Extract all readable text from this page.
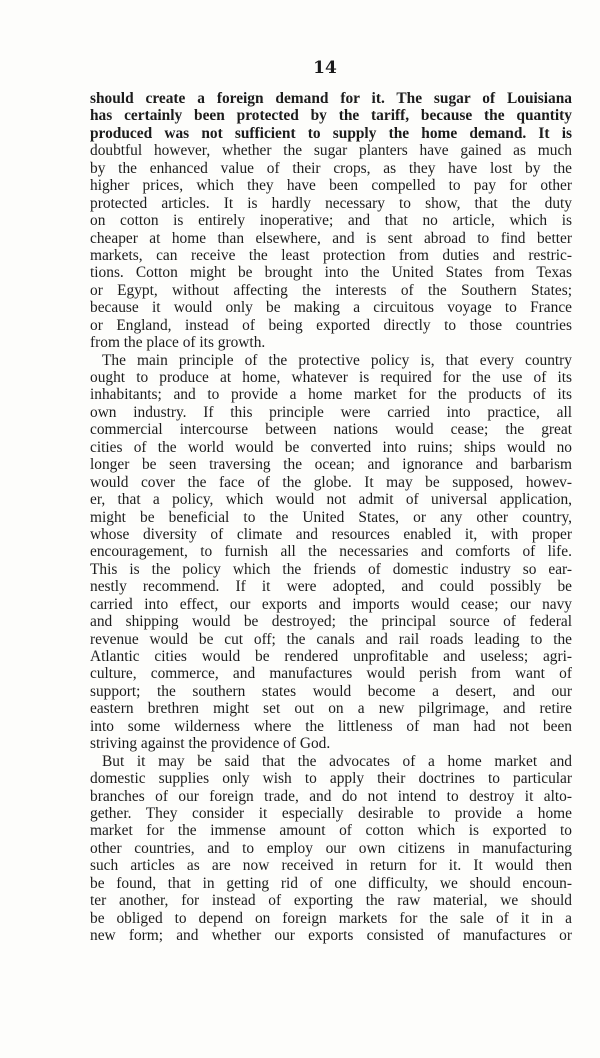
14
should create a foreign demand for it. The sugar of Louisiana
has certainly been protected by the tariff, because the quantity
produced was not sufficient to supply the home demand. It is
doubtful however, whether the sugar planters have gained as much
by the enhanced value of their crops, as they have lost by the
higher prices, which they have been compelled to pay for other
protected articles. It is hardly necessary to show, that the duty
on cotton is entirely inoperative; and that no article, which is
cheaper at home than elsewhere, and is sent abroad to find better
markets, can receive the least protection from duties and restric-
tions. Cotton might be brought into the United States from Texas
or Egypt, without affecting the interests of the Southern States;
because it would only be making a circuitous voyage to France
or England, instead of being exported directly to those countries
from the place of its growth.
The main principle of the protective policy is, that every country
ought to produce at home, whatever is required for the use of its
inhabitants; and to provide a home market for the products of its
own industry. If this principle were carried into practice, all
commercial intercourse between nations would cease; the great
cities of the world would be converted into ruins; ships would no
longer be seen traversing the ocean; and ignorance and barbarism
would cover the face of the globe. It may be supposed, howev-
er, that a policy, which would not admit of universal application,
might be beneficial to the United States, or any other country,
whose diversity of climate and resources enabled it, with proper
encouragement, to furnish all the necessaries and comforts of life.
This is the policy which the friends of domestic industry so ear-
nestly recommend. If it were adopted, and could possibly be
carried into effect, our exports and imports would cease; our navy
and shipping would be destroyed; the principal source of federal
revenue would be cut off; the canals and rail roads leading to the
Atlantic cities would be rendered unprofitable and useless; agri-
culture, commerce, and manufactures would perish from want of
support; the southern states would become a desert, and our
eastern brethren might set out on a new pilgrimage, and retire
into some wilderness where the littleness of man had not been
striving against the providence of God.
But it may be said that the advocates of a home market and
domestic supplies only wish to apply their doctrines to particular
branches of our foreign trade, and do not intend to destroy it alto-
gether. They consider it especially desirable to provide a home
market for the immense amount of cotton which is exported to
other countries, and to employ our own citizens in manufacturing
such articles as are now received in return for it. It would then
be found, that in getting rid of one difficulty, we should encoun-
ter another, for instead of exporting the raw material, we should
be obliged to depend on foreign markets for the sale of it in a
new form; and whether our exports consisted of manufactures or
